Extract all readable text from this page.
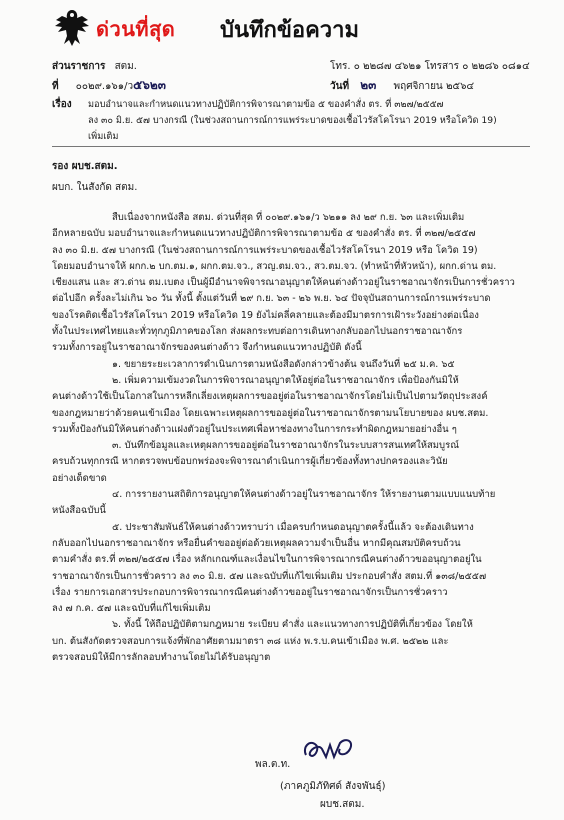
ด่วนที่สุด บันทึกข้อความ
ส่วนราชการ สตม.	โทร. ๐ ๒๒๘๗ ๔๖๒๑ โทรสาร ๐ ๒๒๘๖ ๐๘๑๔
ที่ ๐๐๒๙.๑๖๑/ว๕๖๒๓	วันที่ ๒๓ พฤศจิกายน ๒๕๖๔
เรื่อง มอบอำนาจและกำหนดแนวทางปฏิบัติการพิจารณาตามข้อ ๕ ของคำสั่ง ตร. ที่ ๓๒๗/๒๕๕๗
ลง ๓๐ มิ.ย. ๕๗ บางกรณี (ในช่วงสถานการณ์การแพร่ระบาดของเชื้อไวรัสโคโรนา 2019 หรือโควิด 19)
เพิ่มเติม
รอง ผบช.สตม.
ผบก. ในสังกัด สตม.

สืบเนื่องจากหนังสือ สตม. ด่วนที่สุด ที่ ๐๐๒๙.๑๖๑/ว ๖๒๑๑ ลง ๒๙ ก.ย. ๖๓ และเพิ่มเติม

อีกหลายฉบับ มอบอำนาจและกำหนดแนวทางปฏิบัติการพิจารณาตามข้อ ๕ ของคำสั่ง ตร. ที่ ๓๒๗/๒๕๕๗

ลง ๓๐ มิ.ย. ๕๗ บางกรณี (ในช่วงสถานการณ์การแพร่ระบาดของเชื้อไวรัสโคโรนา 2019 หรือ โควิด 19)

โดยมอบอำนาจให้ ผกก.๒ บก.ตม.๑, ผกก.ตม.จว., สวญ.ตม.จว., สว.ตม.จว. (ทำหน้าที่หัวหน้า), ผกก.ด่าน ตม.

เชียงแสน และ สว.ด่าน ตม.เบตง เป็นผู้มีอำนาจพิจารณาอนุญาตให้คนต่างด้าวอยู่ในราชอาณาจักรเป็นการชั่วคราว

ต่อไปอีก ครั้งละไม่เกิน ๖๐ วัน ทั้งนี้ ตั้งแต่วันที่ ๒๙ ก.ย. ๖๓ - ๒๖ พ.ย. ๖๔ ปัจจุบันสถานการณ์การแพร่ระบาด

ของโรคติดเชื้อไวรัสโคโรนา 2019 หรือโควิด 19 ยังไม่คลี่คลายและต้องมีมาตรการเฝ้าระวังอย่างต่อเนื่อง

ทั้งในประเทศไทยและทั่วทุกภูมิภาคของโลก ส่งผลกระทบต่อการเดินทางกลับออกไปนอกราชอาณาจักร

รวมทั้งการอยู่ในราชอาณาจักรของคนต่างด้าว จึงกำหนดแนวทางปฏิบัติ ดังนี้

๑. ขยายระยะเวลาการดำเนินการตามหนังสือดังกล่าวข้างต้น จนถึงวันที่ ๒๕ ม.ค. ๖๕

๒. เพิ่มความเข้มงวดในการพิจารณาอนุญาตให้อยู่ต่อในราชอาณาจักร เพื่อป้องกันมิให้

คนต่างด้าวใช้เป็นโอกาสในการหลีกเลี่ยงเหตุผลการขออยู่ต่อในราชอาณาจักรโดยไม่เป็นไปตามวัตถุประสงค์

ของกฎหมายว่าด้วยคนเข้าเมือง โดยเฉพาะเหตุผลการขออยู่ต่อในราชอาณาจักรตามนโยบายของ ผบช.สตม.

รวมทั้งป้องกันมิให้คนต่างด้าวแฝงตัวอยู่ในประเทศเพื่อหาช่องทางในการกระทำผิดกฎหมายอย่างอื่น ๆ

๓. บันทึกข้อมูลและเหตุผลการขออยู่ต่อในราชอาณาจักรในระบบสารสนเทศให้สมบูรณ์

ครบถ้วนทุกกรณี หากตรวจพบข้อบกพร่องจะพิจารณาดำเนินการผู้เกี่ยวข้องทั้งทางปกครองและวินัย

อย่างเด็ดขาด

๔. การรายงานสถิติการอนุญาตให้คนต่างด้าวอยู่ในราชอาณาจักร ให้รายงานตามแบบแนบท้าย

หนังสือฉบับนี้

๕. ประชาสัมพันธ์ให้คนต่างด้าวทราบว่า เมื่อครบกำหนดอนุญาตครั้งนี้แล้ว จะต้องเดินทาง

กลับออกไปนอกราชอาณาจักร หรือยื่นคำขออยู่ต่อด้วยเหตุผลความจำเป็นอื่น หากมีคุณสมบัติครบถ้วน

ตามคำสั่ง ตร.ที่ ๓๒๗/๒๕๕๗ เรื่อง หลักเกณฑ์และเงื่อนไขในการพิจารณากรณีคนต่างด้าวขออนุญาตอยู่ใน

ราชอาณาจักรเป็นการชั่วคราว ลง ๓๐ มิ.ย. ๕๗ และฉบับที่แก้ไขเพิ่มเติม ประกอบคำสั่ง สตม.ที่ ๑๓๘/๒๕๕๗

เรื่อง รายการเอกสารประกอบการพิจารณากรณีคนต่างด้าวขออยู่ในราชอาณาจักรเป็นการชั่วคราว

ลง ๗ ก.ค. ๕๗ และฉบับที่แก้ไขเพิ่มเติม

๖. ทั้งนี้ ให้ถือปฏิบัติตามกฎหมาย ระเบียบ คำสั่ง และแนวทางการปฏิบัติที่เกี่ยวข้อง โดยให้

บก. ต้นสังกัดตรวจสอบการแจ้งที่พักอาศัยตามมาตรา ๓๘ แห่ง พ.ร.บ.คนเข้าเมือง พ.ศ. ๒๕๒๒ และ

ตรวจสอบมิให้มีการลักลอบทำงานโดยไม่ได้รับอนุญาต

พล.ต.ท.
(ภาคภูมิภัทิศด์ สังจพันธุ์)
ผบช.สตม.
